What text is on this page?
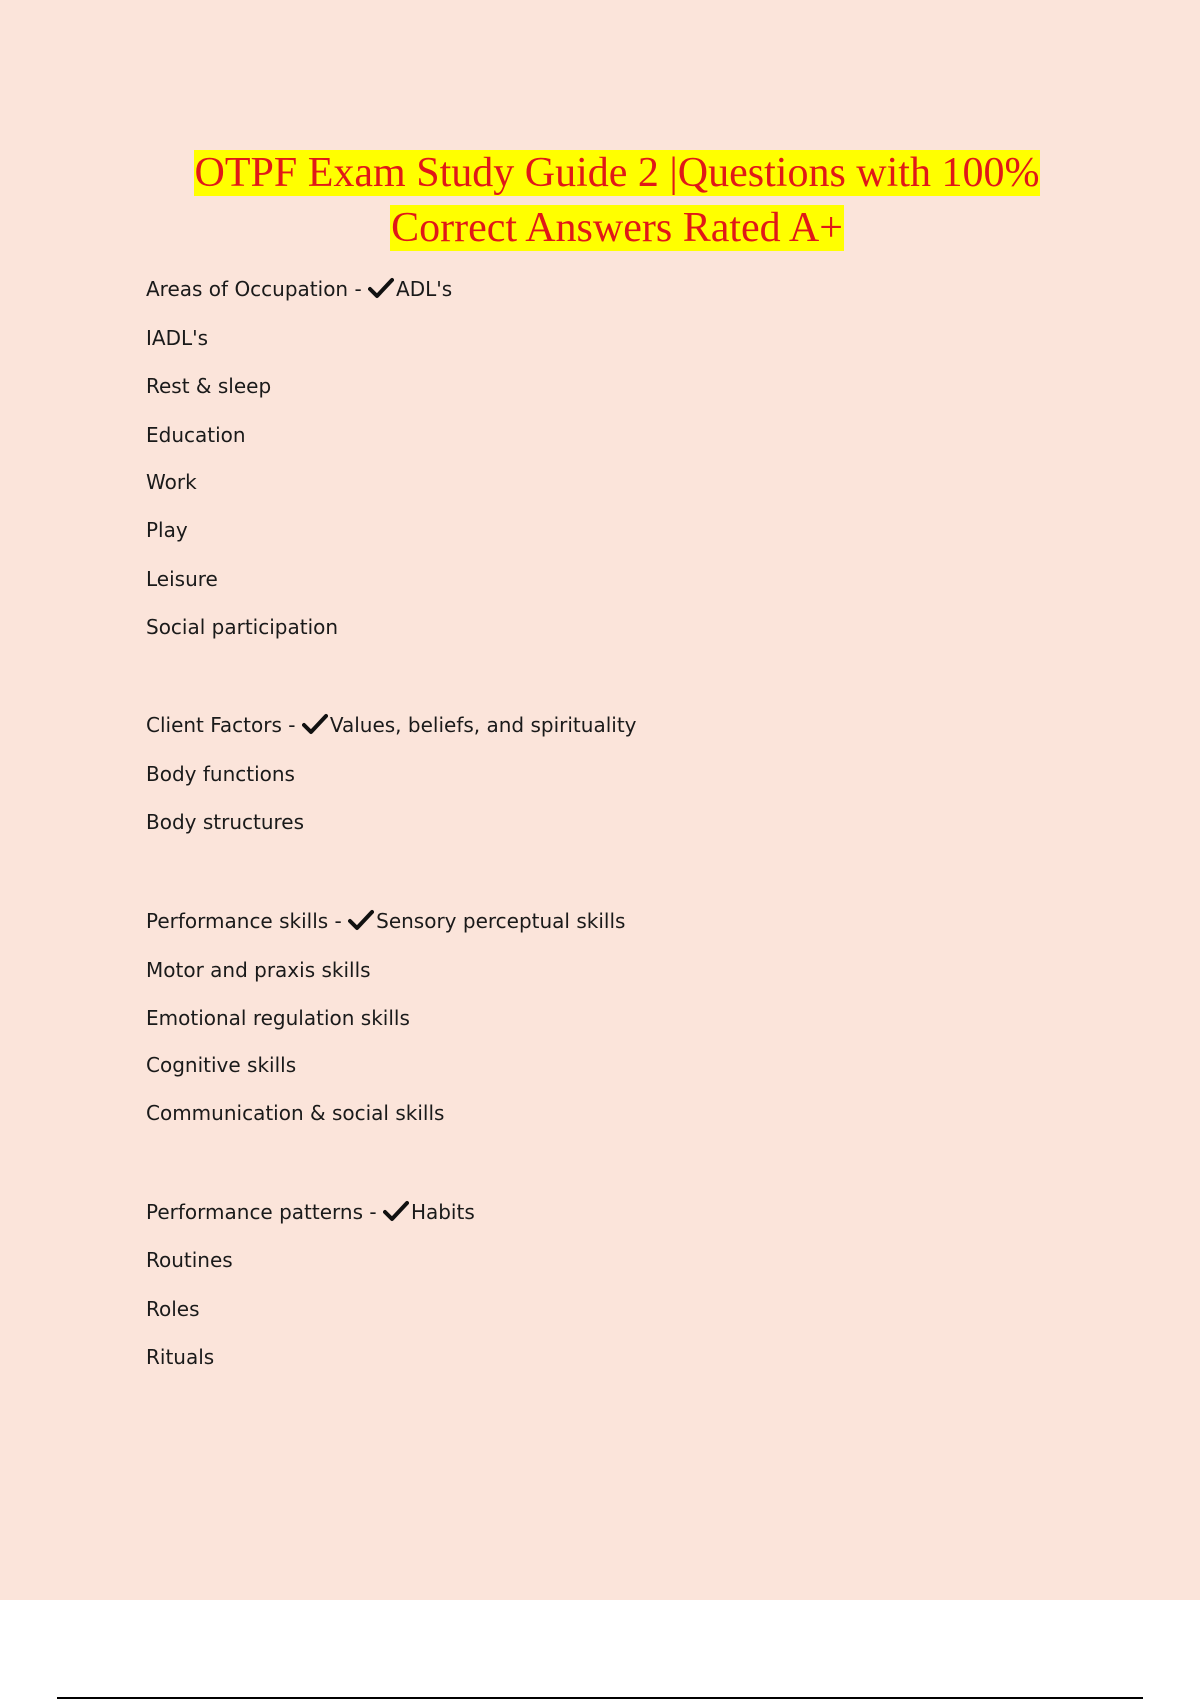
OTPF Exam Study Guide 2 |Questions with 100%
Correct Answers Rated A+
Areas of Occupation - ADL's
IADL's
Rest & sleep
Education
Work
Play
Leisure
Social participation
Client Factors - Values, beliefs, and spirituality
Body functions
Body structures
Performance skills - Sensory perceptual skills
Motor and praxis skills
Emotional regulation skills
Cognitive skills
Communication & social skills
Performance patterns - Habits
Routines
Roles
Rituals
